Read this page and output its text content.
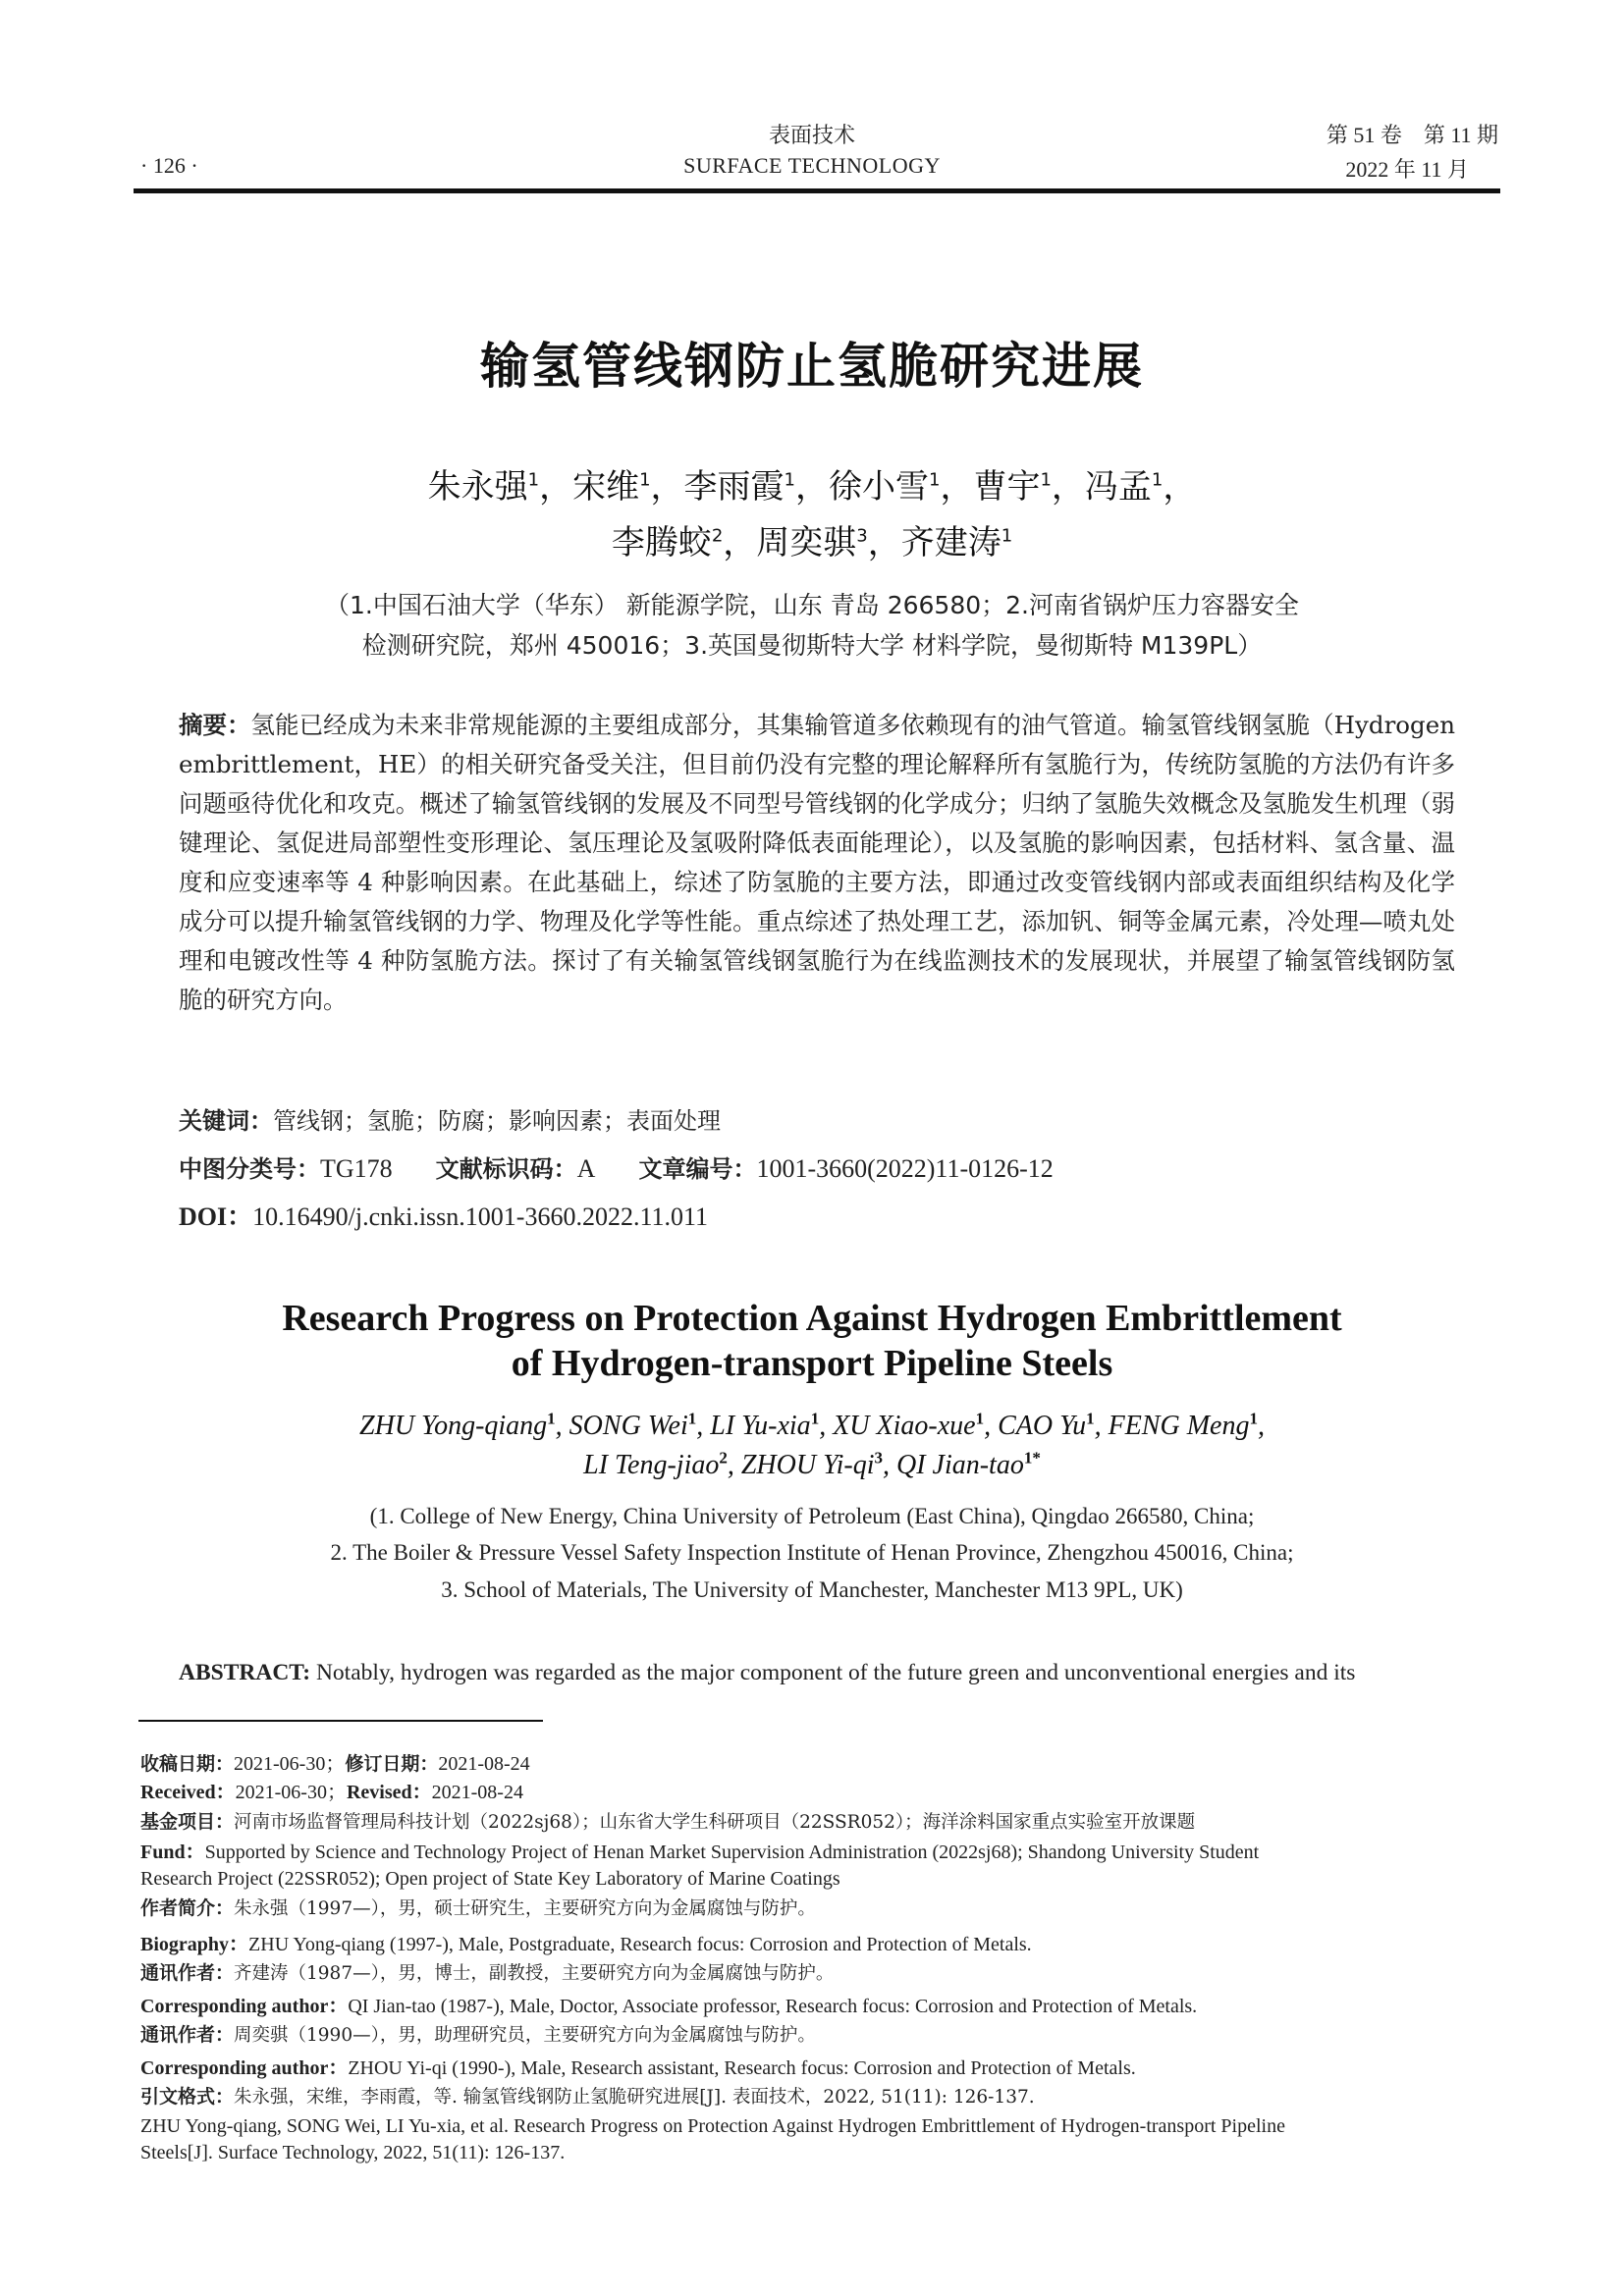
表面技术
· 126 ·	SURFACE TECHNOLOGY
第 51 卷　第 11 期
2022 年 11 月
输氢管线钢防止氢脆研究进展
朱永强$^1$，宋维$^1$，李雨霞$^1$，徐小雪$^1$，曹宇$^1$，冯孟$^1$，
李腾蛟$^2$，周奕骐$^3$，齐建涛$^1$
（1.中国石油大学（华东） 新能源学院，山东 青岛 266580；2.河南省锅炉压力容器安全
检测研究院，郑州 450016；3.英国曼彻斯特大学 材料学院，曼彻斯特 M139PL）
摘要：氢能已经成为未来非常规能源的主要组成部分，其集输管道多依赖现有的油气管道。输氢管线钢氢脆（Hydrogen embrittlement，HE）的相关研究备受关注，但目前仍没有完整的理论解释所有氢脆行为，传统防氢脆的方法仍有许多问题亟待优化和攻克。概述了输氢管线钢的发展及不同型号管线钢的化学成分；归纳了氢脆失效概念及氢脆发生机理（弱键理论、氢促进局部塑性变形理论、氢压理论及氢吸附降低表面能理论），以及氢脆的影响因素，包括材料、氢含量、温度和应变速率等 4 种影响因素。在此基础上，综述了防氢脆的主要方法，即通过改变管线钢内部或表面组织结构及化学成分可以提升输氢管线钢的力学、物理及化学等性能。重点综述了热处理工艺，添加钒、铜等金属元素，冷处理—喷丸处理和电镀改性等 4 种防氢脆方法。探讨了有关输氢管线钢氢脆行为在线监测技术的发展现状，并展望了输氢管线钢防氢脆的研究方向。
关键词：管线钢；氢脆；防腐；影响因素；表面处理
中图分类号：TG178 文献标识码：A 文章编号：1001-3660(2022)11-0126-12
DOI：10.16490/j.cnki.issn.1001-3660.2022.11.011
Research Progress on Protection Against Hydrogen Embrittlement
of Hydrogen-transport Pipeline Steels
ZHU Yong-qiang$^1$, SONG Wei$^1$, LI Yu-xia$^1$, XU Xiao-xue$^1$, CAO Yu$^1$, FENG Meng$^1$,
LI Teng-jiao$^2$, ZHOU $Yi-qi^3$, QI Jian-tao$^{1*}$
(1. College of New Energy, China University of Petroleum (East China), Qingdao 266580, China;
2. The Boiler & Pressure Vessel Safety Inspection Institute of Henan Province, Zhengzhou 450016, China;
3. School of Materials, The University of Manchester, Manchester M13 9PL, UK)
ABSTRACT: Notably, hydrogen was regarded as the major component of the future green and unconventional energies and its
收稿日期：2021-06-30；修订日期：2021-08-24
Received：2021-06-30；Revised：2021-08-24
基金项目：河南市场监督管理局科技计划（2022sj68）；山东省大学生科研项目（22SSR052）；海洋涂料国家重点实验室开放课题
Fund：Supported by Science and Technology Project of Henan Market Supervision Administration (2022sj68); Shandong University Student
Research Project (22SSR052); Open project of State Key Laboratory of Marine Coatings
作者简介：朱永强（1997—），男，硕士研究生，主要研究方向为金属腐蚀与防护。
Biography：ZHU Yong-qiang (1997-), Male, Postgraduate, Research focus: Corrosion and Protection of Metals.
通讯作者：齐建涛（1987—），男，博士，副教授，主要研究方向为金属腐蚀与防护。
Corresponding author：QI Jian-tao (1987-), Male, Doctor, Associate professor, Research focus: Corrosion and Protection of Metals.
通讯作者：周奕骐（1990—），男，助理研究员，主要研究方向为金属腐蚀与防护。
Corresponding author：ZHOU Yi-qi (1990-), Male, Research assistant, Research focus: Corrosion and Protection of Metals.
引文格式：朱永强，宋维，李雨霞，等. 输氢管线钢防止氢脆研究进展[J]. 表面技术，2022, 51(11): 126-137.
ZHU Yong-qiang, SONG Wei, LI Yu-xia, et al. Research Progress on Protection Against Hydrogen Embrittlement of Hydrogen-transport Pipeline
Steels[J]. Surface Technology, 2022, 51(11): 126-137.
